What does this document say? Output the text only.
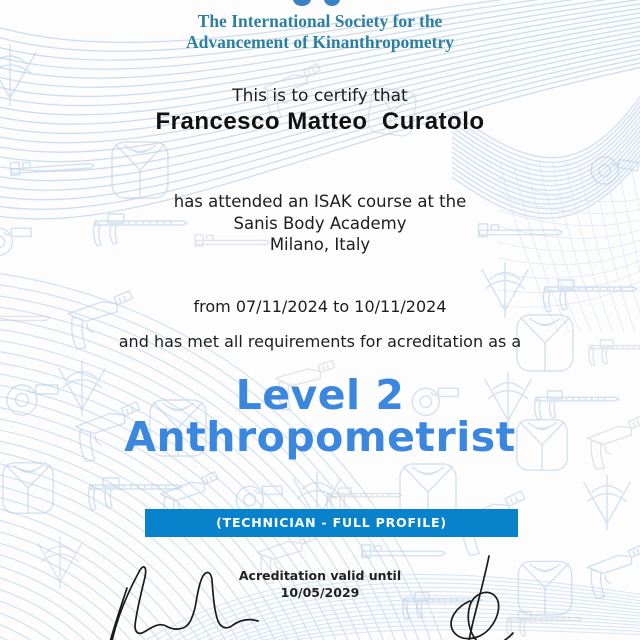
The International Society for the
Advancement of Kinanthropometry
This is to certify that
Francesco Matteo  Curatolo
has attended an ISAK course at the
Sanis Body Academy
Milano, Italy
from 07/11/2024 to 10/11/2024
and has met all requirements for acreditation as a
Level 2
Anthropometrist
(TECHNICIAN - FULL PROFILE)
Acreditation valid until
10/05/2029
